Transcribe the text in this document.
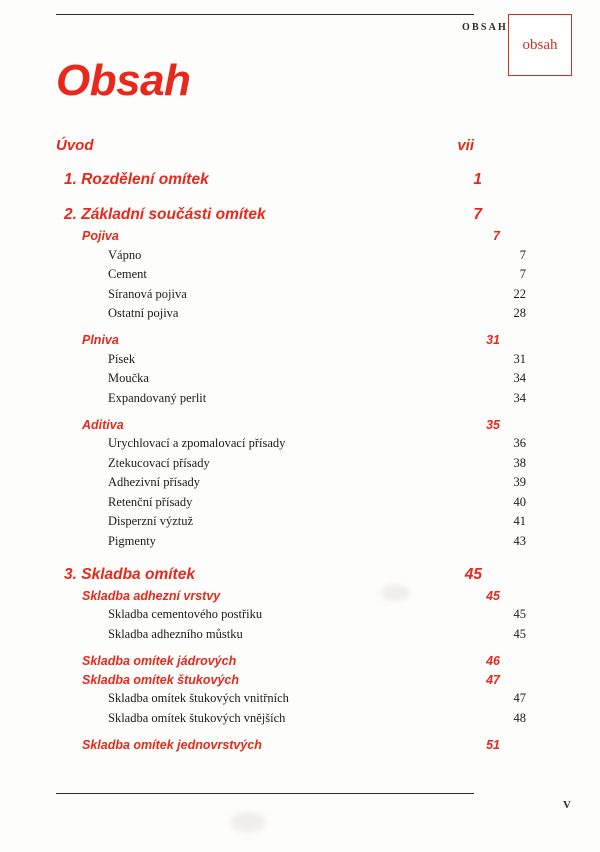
OBSAH
obsah
Obsah
Úvod	vii
1. Rozdělení omítek	1
2. Základní součásti omítek	7
Pojiva	7
Vápno	7
Cement	7
Síranová pojiva	22
Ostatní pojiva	28
Plniva	31
Písek	31
Moučka	34
Expandovaný perlit	34
Aditiva	35
Urychlovací a zpomalovací přísady	36
Ztekucovací přísady	38
Adhezivní přísady	39
Retenční přísady	40
Disperzní výztuž	41
Pigmenty	43
3. Skladba omítek	45
Skladba adhezní vrstvy	45
Skladba cementového postřiku	45
Skladba adhezního můstku	45
Skladba omítek jádrových	46
Skladba omítek štukových	47
Skladba omítek štukových vnitřních	47
Skladba omítek štukových vnějších	48
Skladba omítek jednovrstvých	51
V
